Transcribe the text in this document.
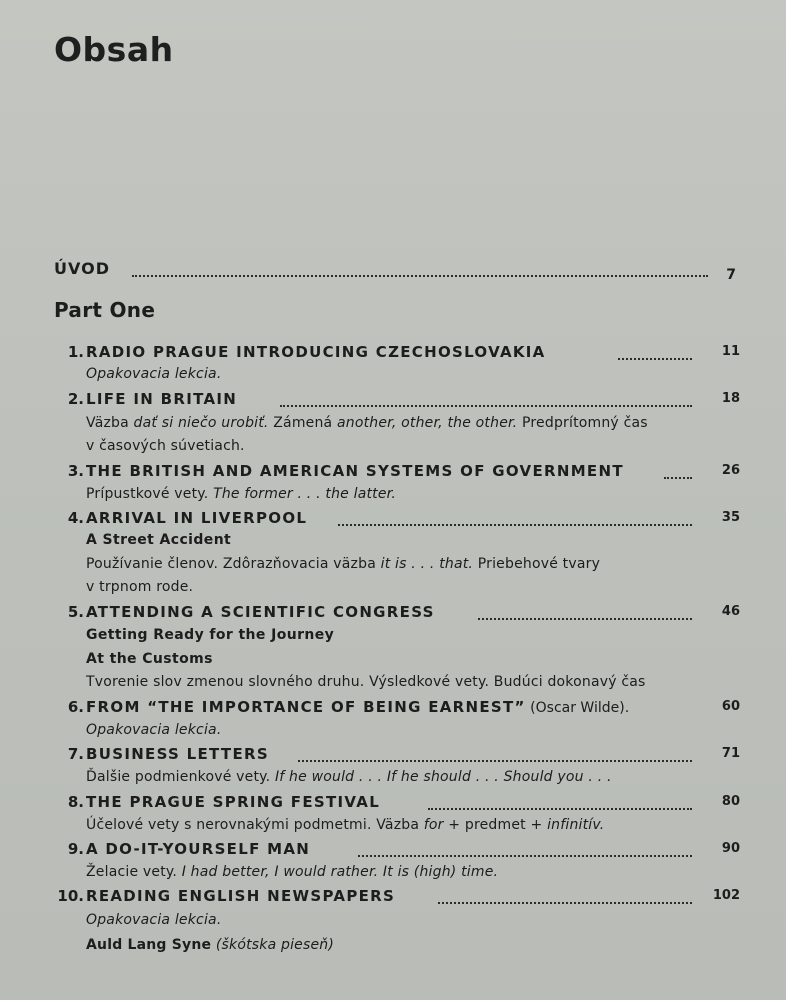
Obsah
ÚVOD	7
Part One
1. RADIO PRAGUE INTRODUCING CZECHOSLOVAKIA	11
Opakovacia lekcia.
2. LIFE IN BRITAIN	18
Väzba dať si niečo urobiť. Zámená another, other, the other. Predprítomný čas
v časových súvetiach.
3. THE BRITISH AND AMERICAN SYSTEMS OF GOVERNMENT	26
Prípustkové vety. The former . . . the latter.
4. ARRIVAL IN LIVERPOOL	35
A Street Accident
Používanie členov. Zdôrazňovacia väzba it is . . . that. Priebehové tvary
v trpnom rode.
5. ATTENDING A SCIENTIFIC CONGRESS	46
Getting Ready for the Journey
At the Customs
Tvorenie slov zmenou slovného druhu. Výsledkové vety. Budúci dokonavý čas
6. FROM “THE IMPORTANCE OF BEING EARNEST” (Oscar Wilde).	60
Opakovacia lekcia.
7. BUSINESS LETTERS	71
Ďalšie podmienkové vety. If he would . . . If he should . . . Should you . . .
8. THE PRAGUE SPRING FESTIVAL	80
Účelové vety s nerovnakými podmetmi. Väzba for + predmet + infinitív.
9. A DO-IT-YOURSELF MAN	90
Želacie vety. I had better, I would rather. It is (high) time.
10. READING ENGLISH NEWSPAPERS	102
Opakovacia lekcia.
Auld Lang Syne (škótska pieseň)
